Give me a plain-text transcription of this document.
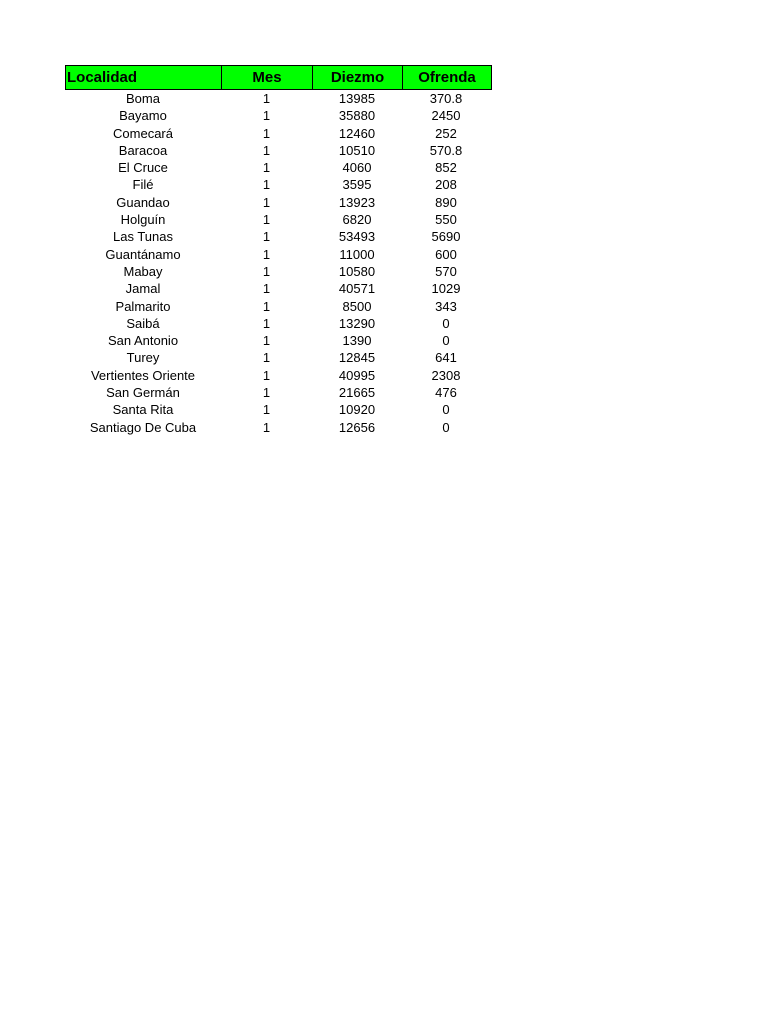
Localidad	Mes	Diezmo	Ofrenda
Boma	1	13985	370.8
Bayamo	1	35880	2450
Comecará	1	12460	252
Baracoa	1	10510	570.8
El Cruce	1	4060	852
Filé	1	3595	208
Guandao	1	13923	890
Holguín	1	6820	550
Las Tunas	1	53493	5690
Guantánamo	1	11000	600
Mabay	1	10580	570
Jamal	1	40571	1029
Palmarito	1	8500	343
Saibá	1	13290	0
San Antonio	1	1390	0
Turey	1	12845	641
Vertientes Oriente	1	40995	2308
San Germán	1	21665	476
Santa Rita	1	10920	0
Santiago De Cuba	1	12656	0
